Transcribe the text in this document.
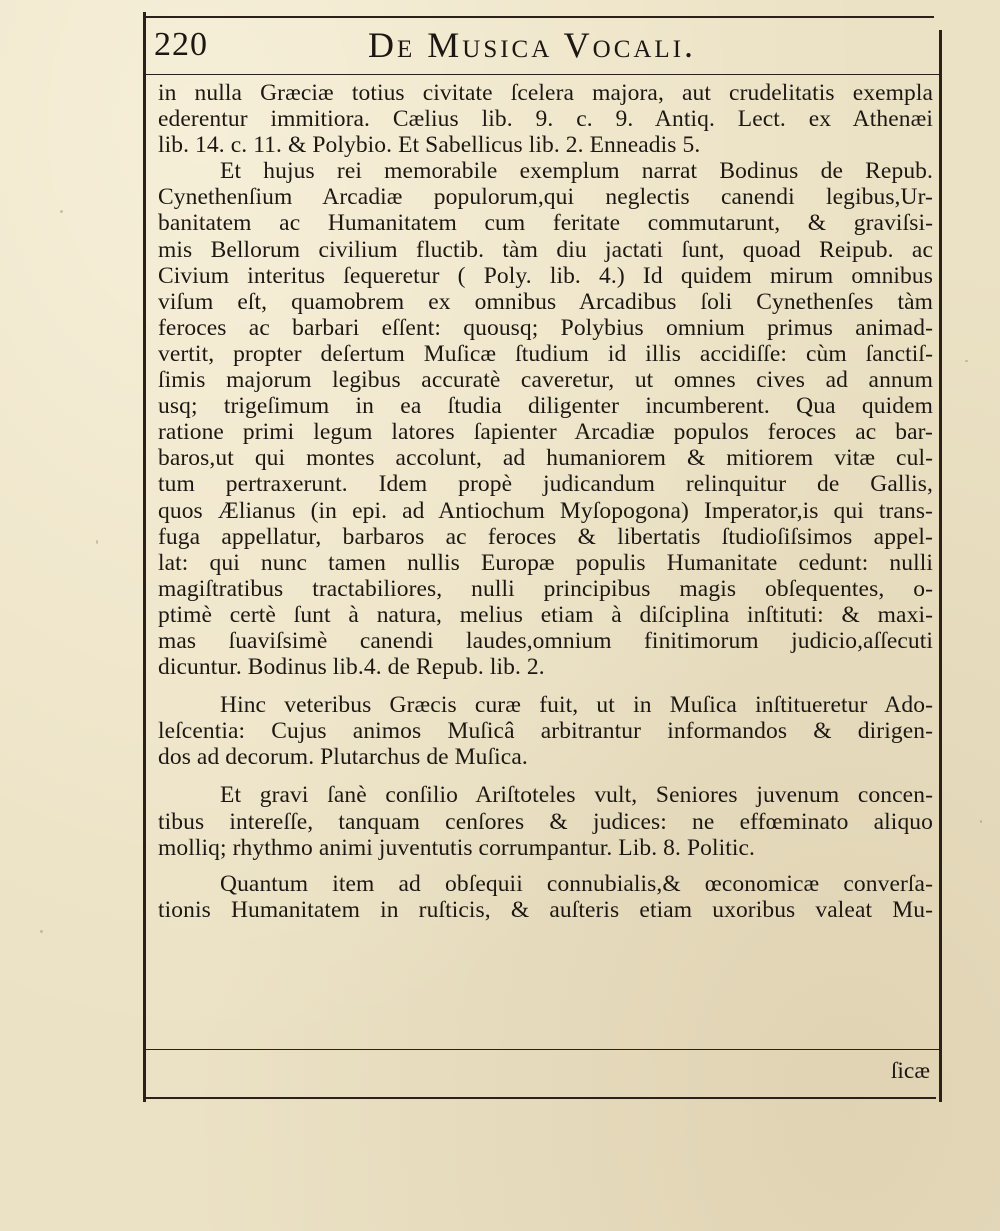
220	De Musica Vocali.
in nulla Græciæ totius civitate ſcelera majora, aut crudelitatis exempla
ederentur immitiora. Cælius lib. 9. c. 9. Antiq. Lect. ex Athenæi
lib. 14. c. 11. & Polybio. Et Sabellicus lib. 2. Enneadis 5.
Et hujus rei memorabile exemplum narrat Bodinus de Repub.
Cynethenſium Arcadiæ populorum,qui neglectis canendi legibus,Ur-
banitatem ac Humanitatem cum feritate commutarunt, & graviſsi-
mis Bellorum civilium fluctib. tàm diu jactati ſunt, quoad Reipub. ac
Civium interitus ſequeretur ( Poly. lib. 4.) Id quidem mirum omnibus
viſum eſt, quamobrem ex omnibus Arcadibus ſoli Cynethenſes tàm
feroces ac barbari eſſent: quousq; Polybius omnium primus animad-
vertit, propter deſertum Muſicæ ſtudium id illis accidiſſe: cùm ſanctiſ-
ſimis majorum legibus accuratè caveretur, ut omnes cives ad annum
usq; trigeſimum in ea ſtudia diligenter incumberent. Qua quidem
ratione primi legum latores ſapienter Arcadiæ populos feroces ac bar-
baros,ut qui montes accolunt, ad humaniorem & mitiorem vitæ cul-
tum pertraxerunt. Idem propè judicandum relinquitur de Gallis,
quos Ælianus (in epi. ad Antiochum Myſopogona) Imperator,is qui trans-
fuga appellatur, barbaros ac feroces & libertatis ſtudioſiſsimos appel-
lat: qui nunc tamen nullis Europæ populis Humanitate cedunt: nulli
magiſtratibus tractabiliores, nulli principibus magis obſequentes, o-
ptimè certè ſunt à natura, melius etiam à diſciplina inſtituti: & maxi-
mas ſuaviſsimè canendi laudes,omnium finitimorum judicio,aſſecuti
dicuntur. Bodinus lib.4. de Repub. lib. 2.
Hinc veteribus Græcis curæ fuit, ut in Muſica inſtitueretur Ado-
leſcentia: Cujus animos Muſicâ arbitrantur informandos & dirigen-
dos ad decorum. Plutarchus de Muſica.
Et gravi ſanè conſilio Ariſtoteles vult, Seniores juvenum concen-
tibus intereſſe, tanquam cenſores & judices: ne effœminato aliquo
molliq; rhythmo animi juventutis corrumpantur. Lib. 8. Politic.
Quantum item ad obſequii connubialis,& œconomicæ converſa-
tionis Humanitatem in ruſticis, & auſteris etiam uxoribus valeat Mu-
ſicæ
